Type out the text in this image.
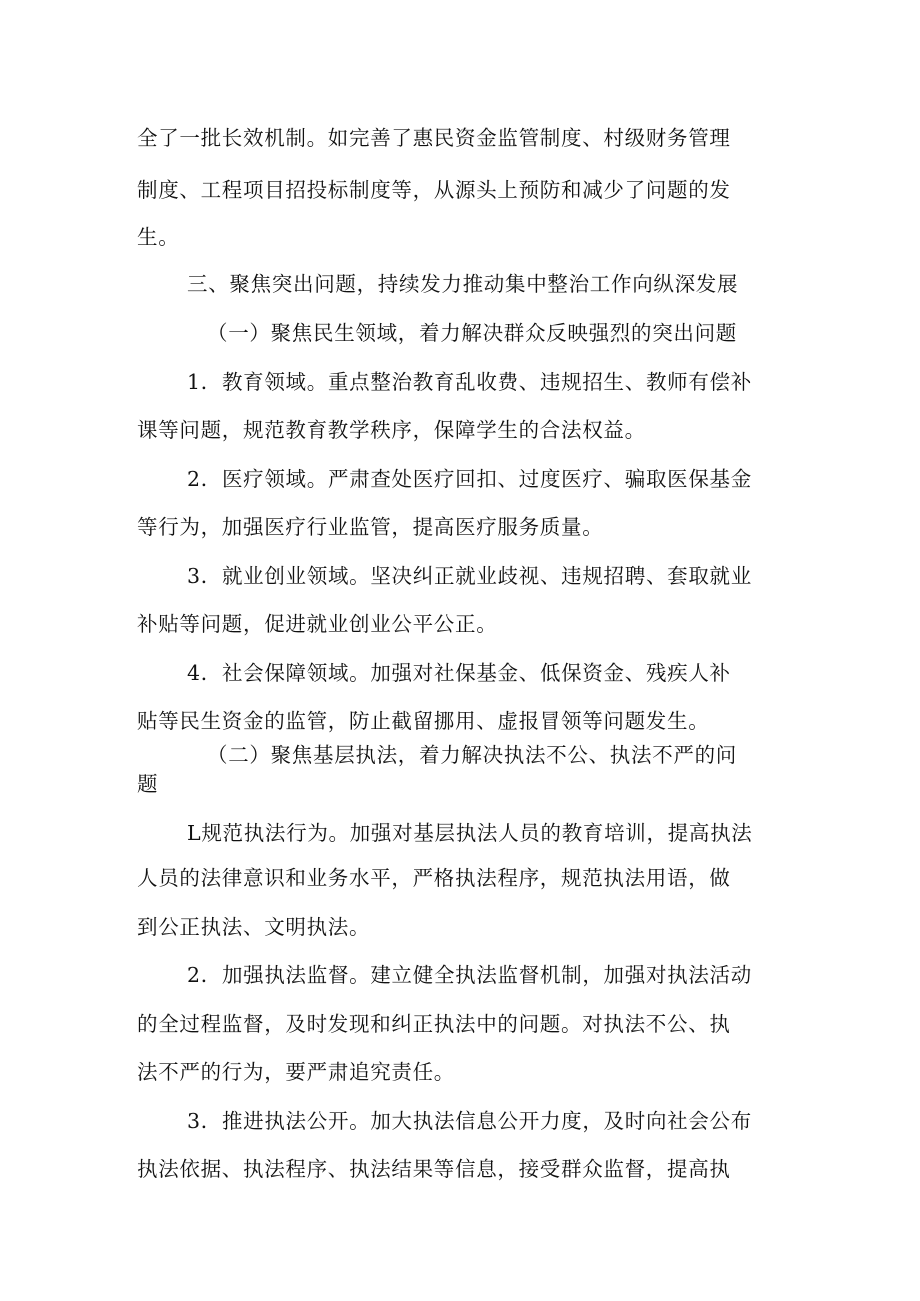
全了一批长效机制。如完善了惠民资金监管制度、村级财务管理
制度、工程项目招投标制度等，从源头上预防和减少了问题的发
生。
三、聚焦突出问题，持续发力推动集中整治工作向纵深发展
（一）聚焦民生领域，着力解决群众反映强烈的突出问题
1．教育领域。重点整治教育乱收费、违规招生、教师有偿补
课等问题，规范教育教学秩序，保障学生的合法权益。
2．医疗领域。严肃查处医疗回扣、过度医疗、骗取医保基金
等行为，加强医疗行业监管，提高医疗服务质量。
3．就业创业领域。坚决纠正就业歧视、违规招聘、套取就业
补贴等问题，促进就业创业公平公正。
4．社会保障领域。加强对社保基金、低保资金、残疾人补
贴等民生资金的监管，防止截留挪用、虚报冒领等问题发生。
（二）聚焦基层执法，着力解决执法不公、执法不严的问
题
L规范执法行为。加强对基层执法人员的教育培训，提高执法
人员的法律意识和业务水平，严格执法程序，规范执法用语，做
到公正执法、文明执法。
2．加强执法监督。建立健全执法监督机制，加强对执法活动
的全过程监督，及时发现和纠正执法中的问题。对执法不公、执
法不严的行为，要严肃追究责任。
3．推进执法公开。加大执法信息公开力度，及时向社会公布
执法依据、执法程序、执法结果等信息，接受群众监督，提高执
